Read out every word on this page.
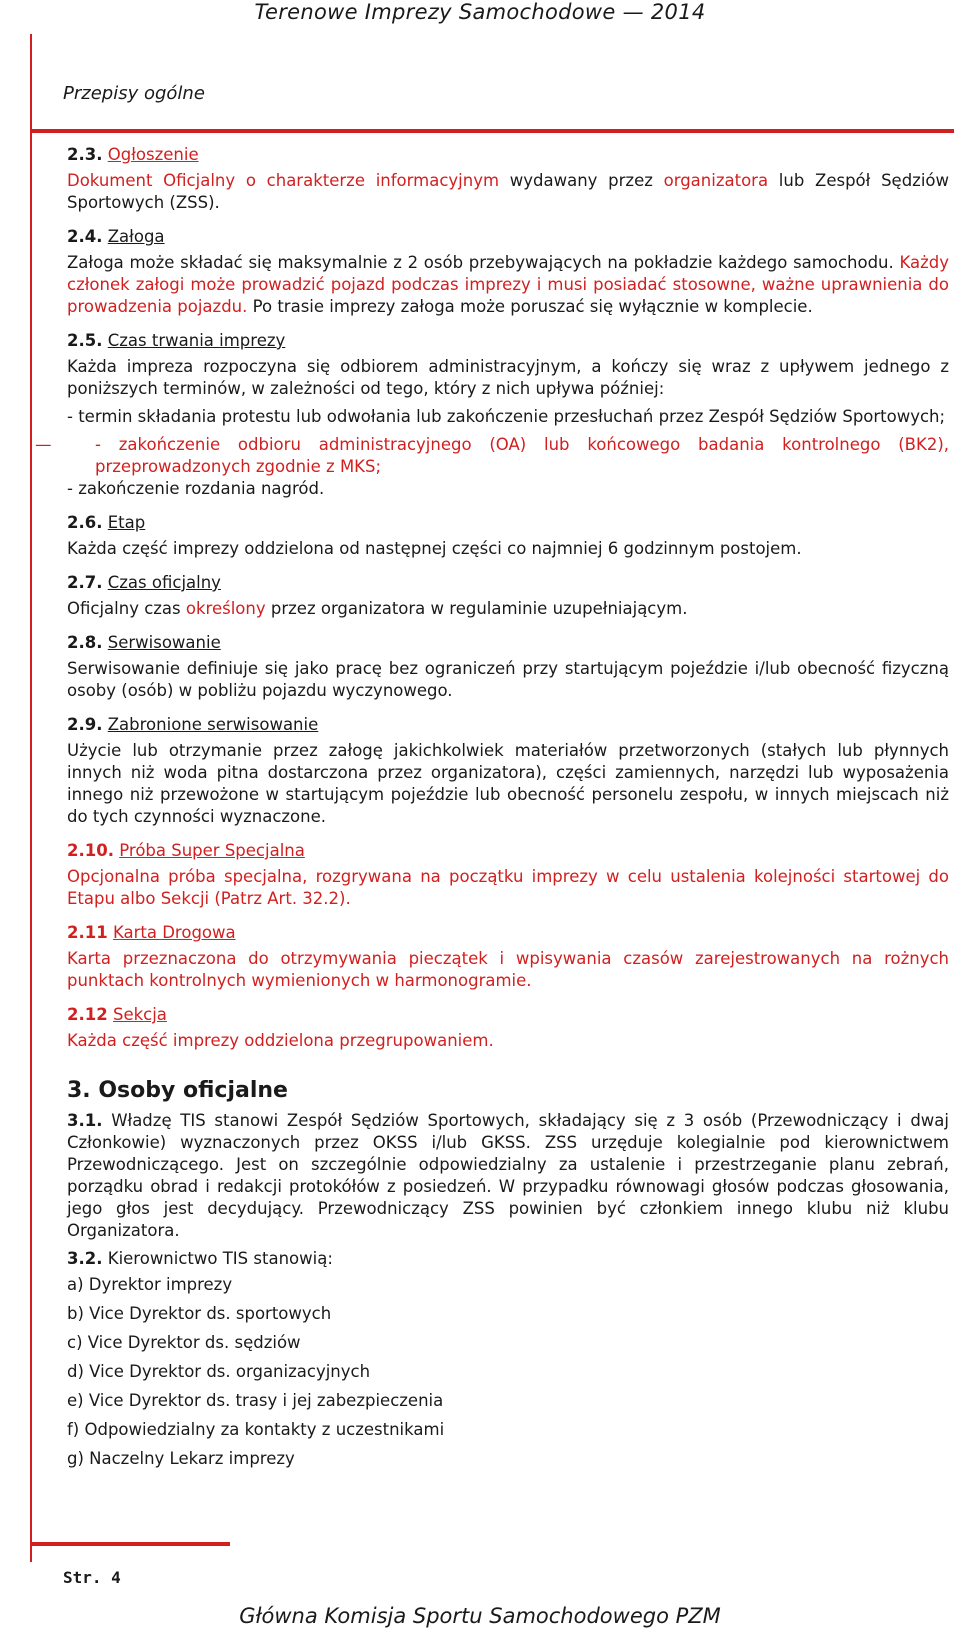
Terenowe Imprezy Samochodowe — 2014
Przepisy ogólne
2.3. Ogłoszenie

Dokument Oficjalny o charakterze informacyjnym wydawany przez organizatora lub Zespół Sędziów Sportowych (ZSS).

2.4. Załoga

Załoga może składać się maksymalnie z 2 osób przebywających na pokładzie każdego samochodu. Każdy członek załogi może prowadzić pojazd podczas imprezy i musi posiadać stosowne, ważne uprawnienia do prowadzenia pojazdu. Po trasie imprezy załoga może poruszać się wyłącznie w komplecie.

2.5. Czas trwania imprezy

Każda impreza rozpoczyna się odbiorem administracyjnym, a kończy się wraz z upływem jednego z poniższych terminów, w zależności od tego, który z nich upływa później:

- termin składania protestu lub odwołania lub zakończenie przesłuchań przez Zespół Sędziów Sportowych;

—	- zakończenie odbioru administracyjnego (OA) lub końcowego badania kontrolnego (BK2), przeprowadzonych zgodnie z MKS;

- zakończenie rozdania nagród.

2.6. Etap

Każda część imprezy oddzielona od następnej części co najmniej 6 godzinnym postojem.

2.7. Czas oficjalny

Oficjalny czas określony przez organizatora w regulaminie uzupełniającym.

2.8. Serwisowanie

Serwisowanie definiuje się jako pracę bez ograniczeń przy startującym pojeździe i/lub obecność fizyczną osoby (osób) w pobliżu pojazdu wyczynowego.

2.9. Zabronione serwisowanie

Użycie lub otrzymanie przez załogę jakichkolwiek materiałów przetworzonych (stałych lub płynnych innych niż woda pitna dostarczona przez organizatora), części zamiennych, narzędzi lub wyposażenia innego niż przewożone w startującym pojeździe lub obecność personelu zespołu, w innych miejscach niż do tych czynności wyznaczone.

2.10. Próba Super Specjalna

Opcjonalna próba specjalna, rozgrywana na początku imprezy w celu ustalenia kolejności startowej do Etapu albo Sekcji (Patrz Art. 32.2).

2.11 Karta Drogowa

Karta przeznaczona do otrzymywania pieczątek i wpisywania czasów zarejestrowanych na rożnych punktach kontrolnych wymienionych w harmonogramie.

2.12 Sekcja

Każda część imprezy oddzielona przegrupowaniem.

3. Osoby oficjalne

3.1. Władzę TIS stanowi Zespół Sędziów Sportowych, składający się z 3 osób (Przewodniczący i dwaj Członkowie) wyznaczonych przez OKSS i/lub GKSS. ZSS urzęduje kolegialnie pod kierownictwem Przewodniczącego. Jest on szczególnie odpowiedzialny za ustalenie i przestrzeganie planu zebrań, porządku obrad i redakcji protokółów z posiedzeń. W przypadku równowagi głosów podczas głosowania, jego głos jest decydujący. Przewodniczący ZSS powinien być członkiem innego klubu niż klubu Organizatora.

3.2. Kierownictwo TIS stanowią:

a) Dyrektor imprezy

b) Vice Dyrektor ds. sportowych

c) Vice Dyrektor ds. sędziów

d) Vice Dyrektor ds. organizacyjnych

e) Vice Dyrektor ds. trasy i jej zabezpieczenia

f) Odpowiedzialny za kontakty z uczestnikami

g) Naczelny Lekarz imprezy

Str. 4
Główna Komisja Sportu Samochodowego PZM
